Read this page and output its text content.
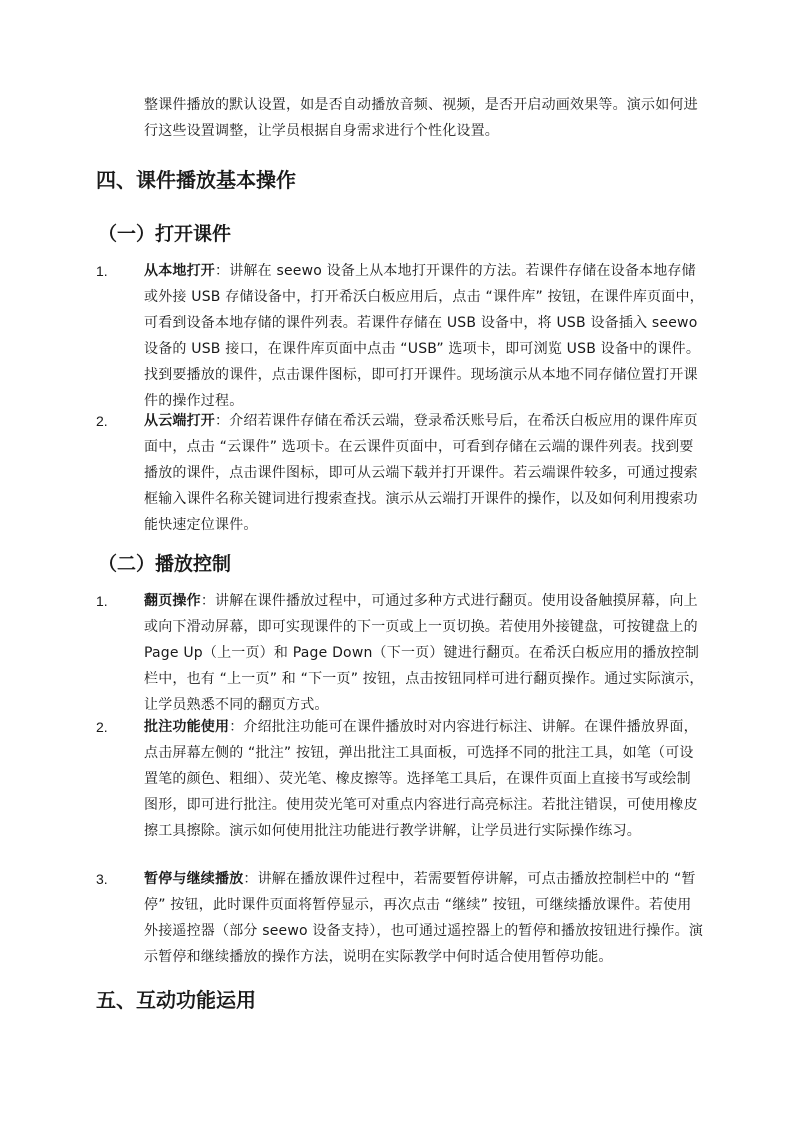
整课件播放的默认设置，如是否自动播放音频、视频，是否开启动画效果等。演示如何进行这些设置调整，让学员根据自身需求进行个性化设置。
四、课件播放基本操作
（一）打开课件
1.	从本地打开：讲解在 seewo 设备上从本地打开课件的方法。若课件存储在设备本地存储或外接 USB 存储设备中，打开希沃白板应用后，点击 “课件库” 按钮，在课件库页面中，可看到设备本地存储的课件列表。若课件存储在 USB 设备中，将 USB 设备插入 seewo 设备的 USB 接口，在课件库页面中点击 “USB” 选项卡，即可浏览 USB 设备中的课件。找到要播放的课件，点击课件图标，即可打开课件。现场演示从本地不同存储位置打开课件的操作过程。
2.	从云端打开：介绍若课件存储在希沃云端，登录希沃账号后，在希沃白板应用的课件库页面中，点击 “云课件” 选项卡。在云课件页面中，可看到存储在云端的课件列表。找到要播放的课件，点击课件图标，即可从云端下载并打开课件。若云端课件较多，可通过搜索框输入课件名称关键词进行搜索查找。演示从云端打开课件的操作，以及如何利用搜索功能快速定位课件。
（二）播放控制
1.	翻页操作：讲解在课件播放过程中，可通过多种方式进行翻页。使用设备触摸屏幕，向上或向下滑动屏幕，即可实现课件的下一页或上一页切换。若使用外接键盘，可按键盘上的 Page Up（上一页）和 Page Down（下一页）键进行翻页。在希沃白板应用的播放控制栏中，也有 “上一页” 和 “下一页” 按钮，点击按钮同样可进行翻页操作。通过实际演示，让学员熟悉不同的翻页方式。
2.	批注功能使用：介绍批注功能可在课件播放时对内容进行标注、讲解。在课件播放界面，点击屏幕左侧的 “批注” 按钮，弹出批注工具面板，可选择不同的批注工具，如笔（可设置笔的颜色、粗细）、荧光笔、橡皮擦等。选择笔工具后，在课件页面上直接书写或绘制图形，即可进行批注。使用荧光笔可对重点内容进行高亮标注。若批注错误，可使用橡皮擦工具擦除。演示如何使用批注功能进行教学讲解，让学员进行实际操作练习。
3.	暂停与继续播放：讲解在播放课件过程中，若需要暂停讲解，可点击播放控制栏中的 “暂停” 按钮，此时课件页面将暂停显示，再次点击 “继续” 按钮，可继续播放课件。若使用外接遥控器（部分 seewo 设备支持），也可通过遥控器上的暂停和播放按钮进行操作。演示暂停和继续播放的操作方法，说明在实际教学中何时适合使用暂停功能。
五、互动功能运用
